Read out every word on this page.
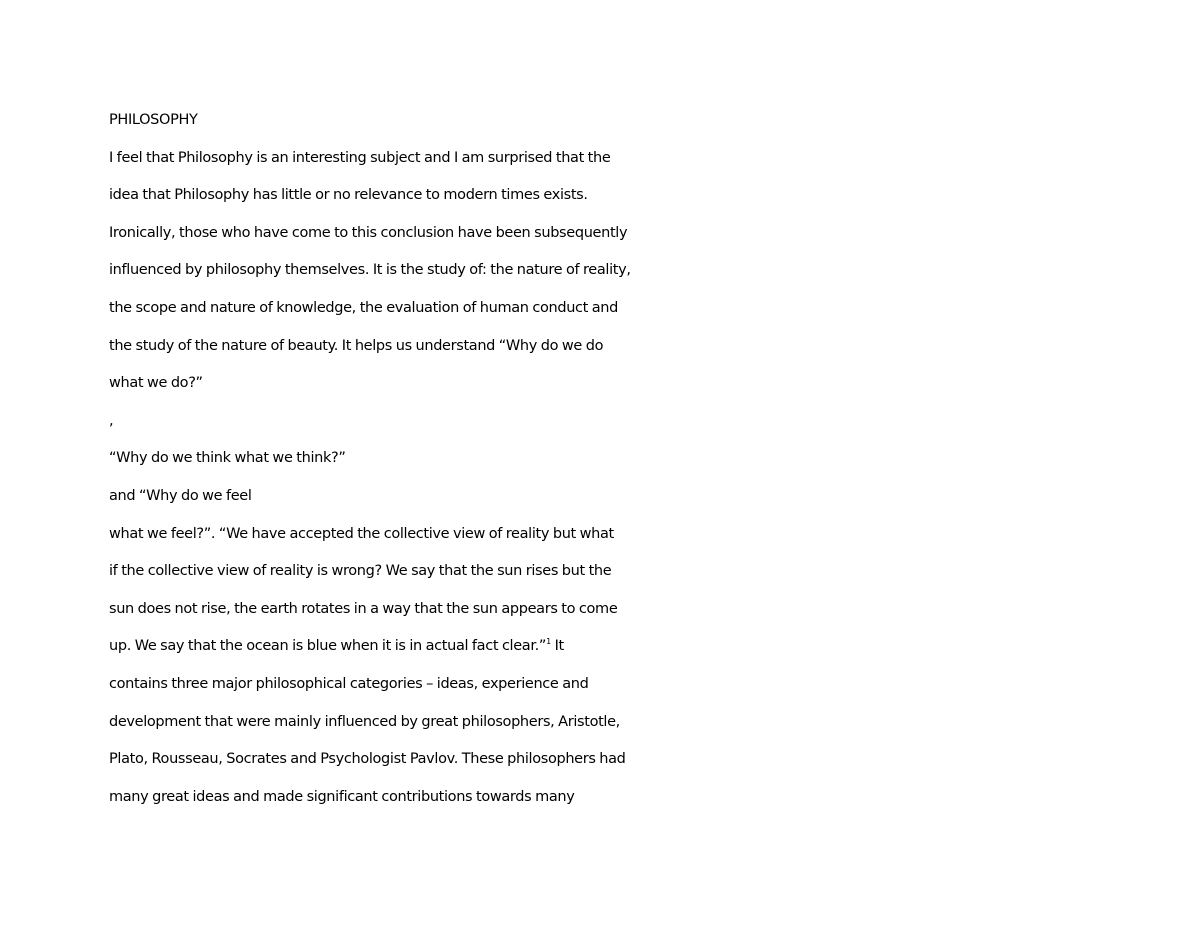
PHILOSOPHY
I feel that Philosophy is an interesting subject and I am surprised that the
idea that Philosophy has little or no relevance to modern times exists.
Ironically, those who have come to this conclusion have been subsequently
influenced by philosophy themselves. It is the study of: the nature of reality,
the scope and nature of knowledge, the evaluation of human conduct and
the study of the nature of beauty. It helps us understand “Why do we do
what we do?”
,
“Why do we think what we think?”
and “Why do we feel
what we feel?”. “We have accepted the collective view of reality but what
if the collective view of reality is wrong? We say that the sun rises but the
sun does not rise, the earth rotates in a way that the sun appears to come
up. We say that the ocean is blue when it is in actual fact clear.”$^1$ It
contains three major philosophical categories – ideas, experience and
development that were mainly influenced by great philosophers, Aristotle,
Plato, Rousseau, Socrates and Psychologist Pavlov. These philosophers had
many great ideas and made significant contributions towards many
